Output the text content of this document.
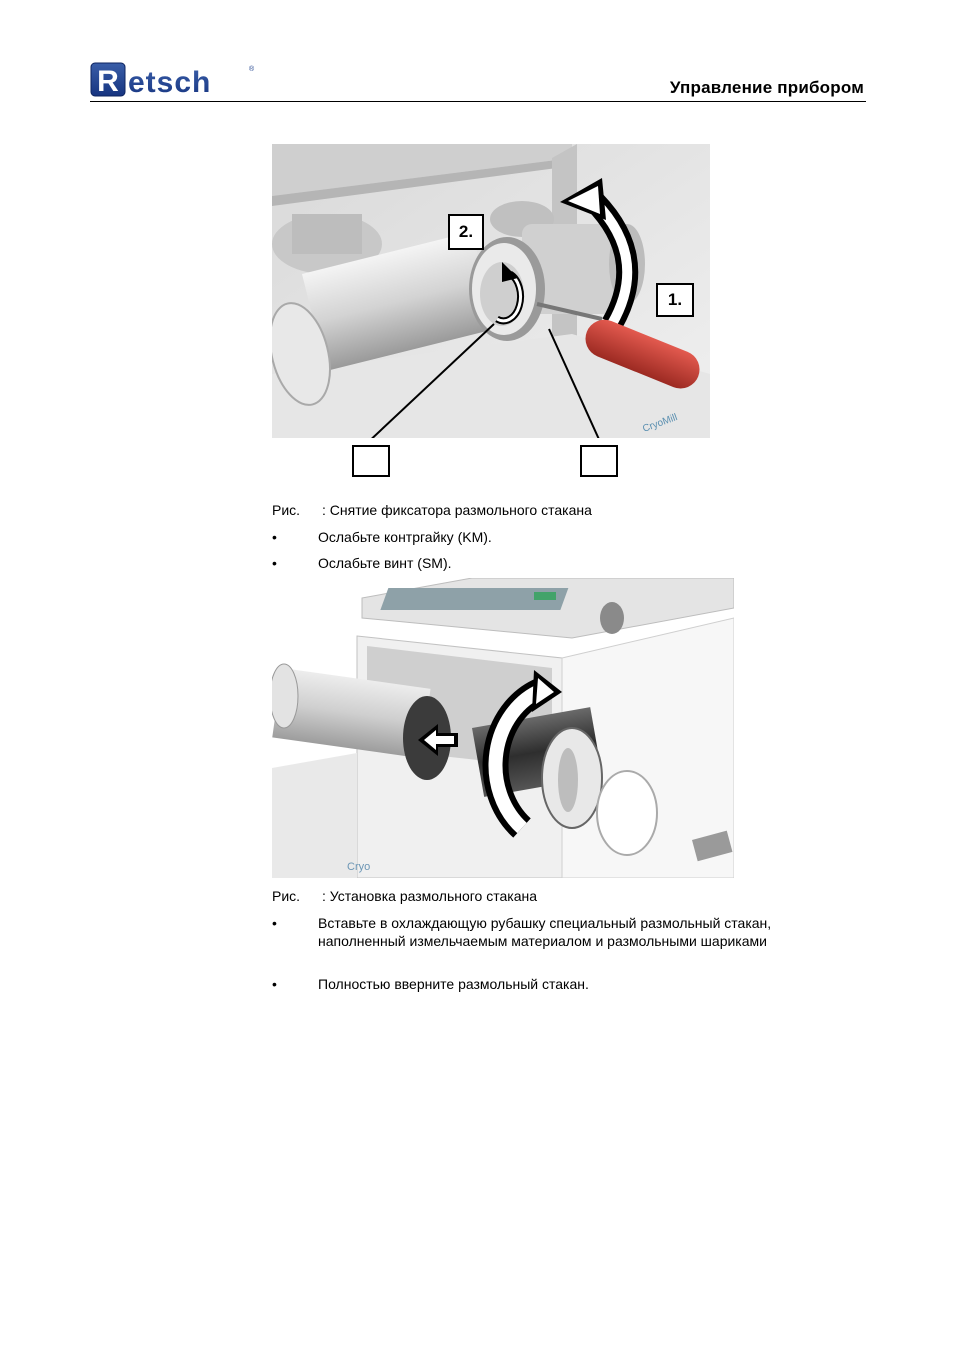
R etsch	®
Управление прибором
CryoMill
2.
1.
Рис. : Снятие фиксатора размольного стакана
•	Ослабьте контргайку (KM).
•	Ослабьте винт (SM).
Cryo
Рис. : Установка размольного стакана
•	Вставьте в охлаждающую рубашку специальный размольный стакан,
наполненный измельчаемым материалом и размольными шариками
•	Полностью вверните размольный стакан.
